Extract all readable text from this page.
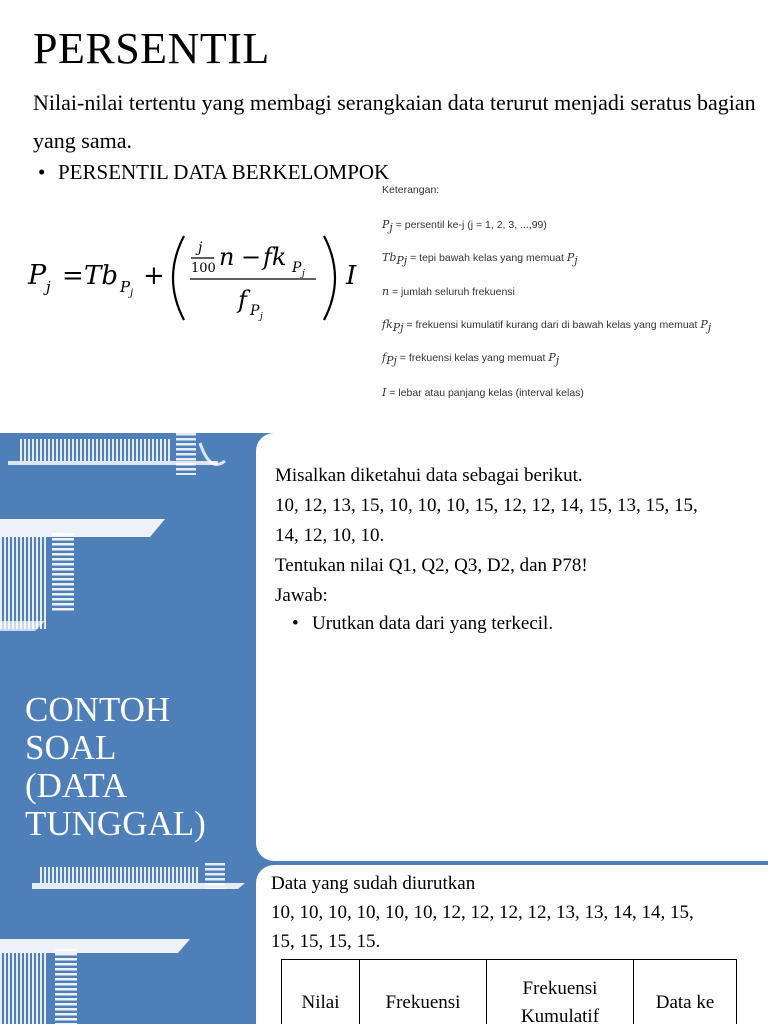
PERSENTIL
Nilai-nilai tertentu yang membagi serangkaian data terurut menjadi seratus bagian yang sama.
• PERSENTIL DATA BERKELOMPOK
P j = Tb P j
+
j
100 n − fk P j
f P j
I
Keterangan:
$P_j$ = persentil ke-j (j = 1, 2, 3, ...,99)
$Tb_{Pj}$ = tepi bawah kelas yang memuat $P_j$
n = jumlah seluruh frekuensi
$fk_{Pj}$ = frekuensi kumulatif kurang dari di bawah kelas yang memuat $P_j$
$f_{Pj}$ = frekuensi kelas yang memuat $P_j$
I = lebar atau panjang kelas (interval kelas)
CONTOH
SOAL
(DATA
TUNGGAL)

Misalkan diketahui data sebagai berikut.

10, 12, 13, 15, 10, 10, 10, 15, 12, 12, 14, 15, 13, 15, 15,

14, 12, 10, 10.

Tentukan nilai Q1, Q2, Q3, D2, dan P78!

Jawab:

• Urutkan data dari yang terkecil.

Data yang sudah diurutkan

10, 10, 10, 10, 10, 10, 12, 12, 12, 12, 13, 13, 14, 14, 15,

15, 15, 15, 15.

Nilai	Frekuensi	Frekuensi Kumulatif	Data ke
